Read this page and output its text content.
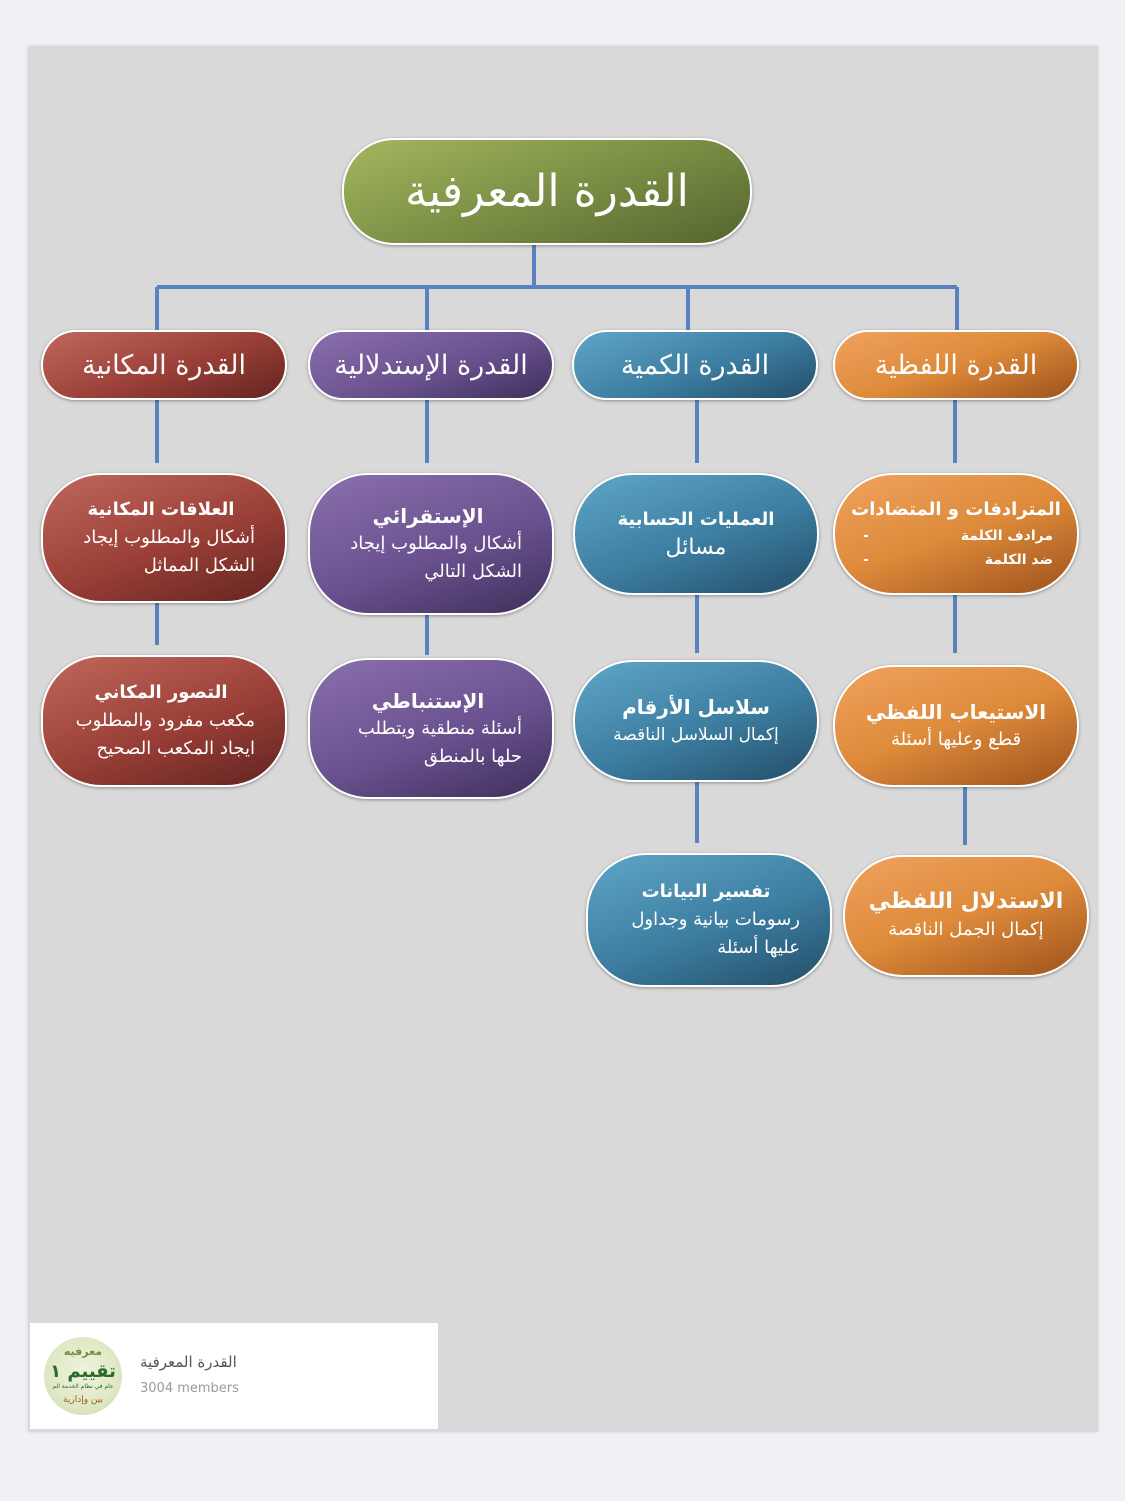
القدرة المعرفية
القدرة اللفظية
القدرة الكمية
القدرة الإستدلالية
القدرة المكانية
المترادفات و المتضادات
مرادف الكلمة
-
ضد الكلمة
-
الاستيعاب اللفظي
قطع وعليها أسئلة
الاستدلال اللفظي
إكمال الجمل الناقصة
العمليات الحسابية
مسائل
سلاسل الأرقام
إكمال السلاسل الناقصة
تفسير البيانات
رسومات بيانية وجداول عليها أسئلة
الإستقرائي
أشكال والمطلوب إيجاد الشكل التالي
الإستنباطي
أسئلة منطقية ويتطلب حلها بالمنطق
العلاقات المكانية
أشكال والمطلوب إيجاد الشكل المماثل
التصور المكاني
مكعب مفرود والمطلوب ايجاد المكعب الصحيح
معرفيه
تقييم ١
عام في نظام الخدمة الم
بين وإدارية
القدرة المعرفية
3004 members
